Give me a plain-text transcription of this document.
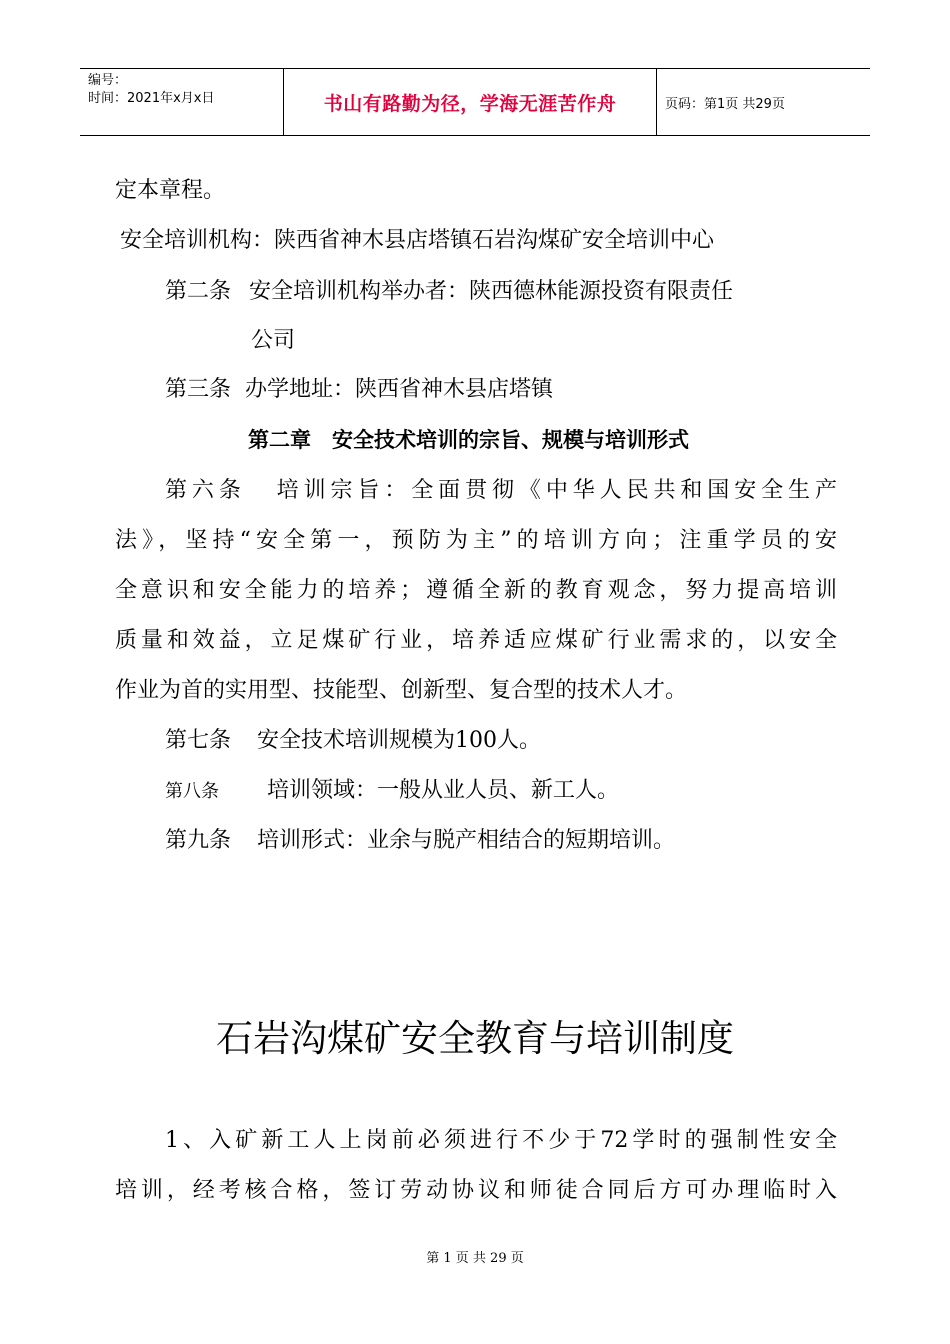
编号：
时间：2021年x月x日	书山有路勤为径，学海无涯苦作舟	页码：第1页 共29页
定本章程。
安全培训机构：陕西省神木县店塔镇石岩沟煤矿安全培训中心
第二条 安全培训机构举办者：陕西德林能源投资有限责任
公司
第三条 办学地址：陕西省神木县店塔镇
第二章　安全技术培训的宗旨、规模与培训形式
第六条 培训宗旨：全面贯彻《中华人民共和国安全生产
法》，坚持“安全第一，预防为主”的培训方向；注重学员的安
全意识和安全能力的培养；遵循全新的教育观念，努力提高培训
质量和效益，立足煤矿行业，培养适应煤矿行业需求的，以安全
作业为首的实用型、技能型、创新型、复合型的技术人才。
第七条 安全技术培训规模为100人。
第八条 培训领域：一般从业人员、新工人。
第九条 培训形式：业余与脱产相结合的短期培训。
石岩沟煤矿安全教育与培训制度
1、入矿新工人上岗前必须进行不少于72学时的强制性安全
培训，经考核合格，签订劳动协议和师徒合同后方可办理临时入
第 1 页 共 29 页
